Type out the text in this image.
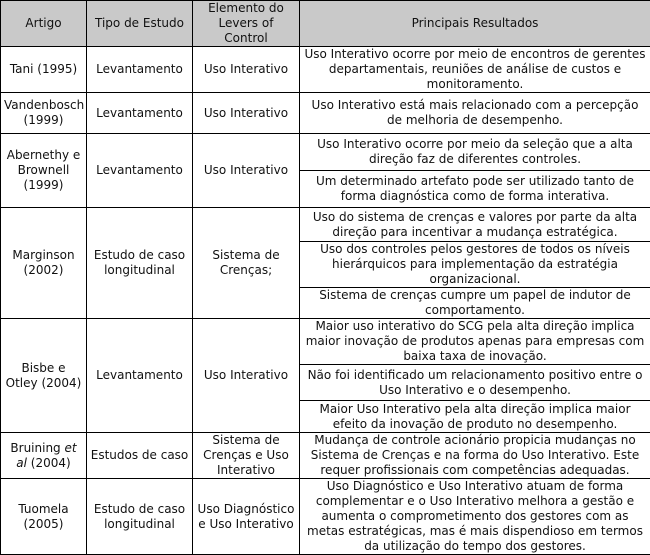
Artigo	Tipo de Estudo	Elemento do Levers of Control	Principais Resultados
Tani (1995)	Levantamento	Uso Interativo	Uso Interativo ocorre por meio de encontros de gerentes departamentais, reuniões de análise de custos e monitoramento.
Vandenbosch (1999)	Levantamento	Uso Interativo	Uso Interativo está mais relacionado com a percepção de melhoria de desempenho.
Abernethy e Brownell (1999)	Levantamento	Uso Interativo	Uso Interativo ocorre por meio da seleção que a alta direção faz de diferentes controles.
			Um determinado artefato pode ser utilizado tanto de forma diagnóstica como de forma interativa.
Marginson (2002)	Estudo de caso longitudinal	Sistema de Crenças;	Uso do sistema de crenças e valores por parte da alta direção para incentivar a mudança estratégica.
			Uso dos controles pelos gestores de todos os níveis hierárquicos para implementação da estratégia organizacional.
			Sistema de crenças cumpre um papel de indutor de comportamento.
Bisbe e Otley (2004)	Levantamento	Uso Interativo	Maior uso interativo do SCG pela alta direção implica maior inovação de produtos apenas para empresas com baixa taxa de inovação.
			Não foi identificado um relacionamento positivo entre o Uso Interativo e o desempenho.
			Maior Uso Interativo pela alta direção implica maior efeito da inovação de produto no desempenho.
Bruining et al (2004)	Estudos de caso	Sistema de Crenças e Uso Interativo	Mudança de controle acionário propicia mudanças no Sistema de Crenças e na forma do Uso Interativo. Este requer profissionais com competências adequadas.
Tuomela (2005)	Estudo de caso longitudinal	Uso Diagnóstico e Uso Interativo	Uso Diagnóstico e Uso Interativo atuam de forma complementar e o Uso Interativo melhora a gestão e aumenta o comprometimento dos gestores com as metas estratégicas, mas é mais dispendioso em termos da utilização do tempo dos gestores.
